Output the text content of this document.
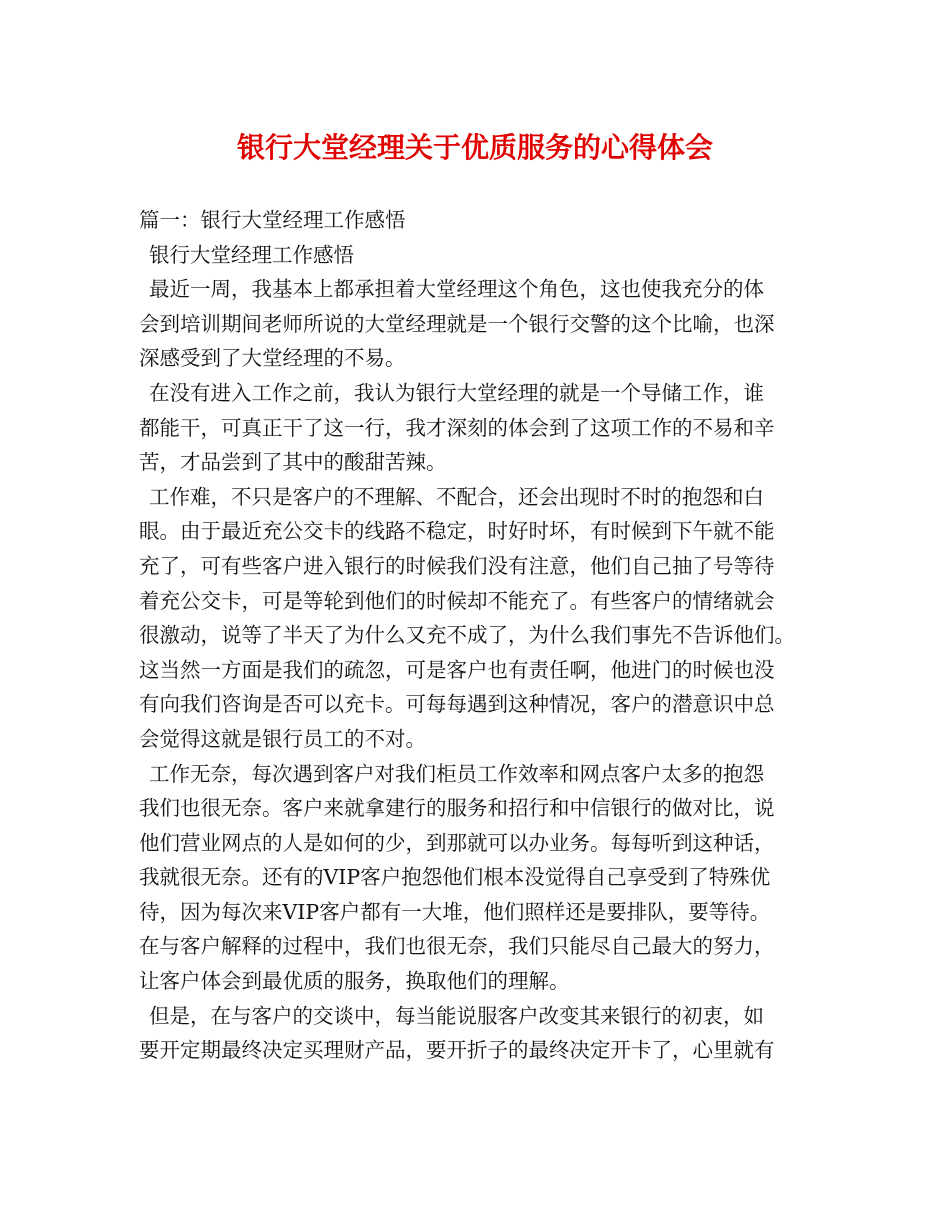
银行大堂经理关于优质服务的心得体会
篇一：银行大堂经理工作感悟
银行大堂经理工作感悟
最近一周，我基本上都承担着大堂经理这个角色，这也使我充分的体
会到培训期间老师所说的大堂经理就是一个银行交警的这个比喻，也深
深感受到了大堂经理的不易。
在没有进入工作之前，我认为银行大堂经理的就是一个导储工作，谁
都能干，可真正干了这一行，我才深刻的体会到了这项工作的不易和辛
苦，才品尝到了其中的酸甜苦辣。
工作难，不只是客户的不理解、不配合，还会出现时不时的抱怨和白
眼。由于最近充公交卡的线路不稳定，时好时坏，有时候到下午就不能
充了，可有些客户进入银行的时候我们没有注意，他们自己抽了号等待
着充公交卡，可是等轮到他们的时候却不能充了。有些客户的情绪就会
很激动，说等了半天了为什么又充不成了，为什么我们事先不告诉他们。
这当然一方面是我们的疏忽，可是客户也有责任啊，他进门的时候也没
有向我们咨询是否可以充卡。可每每遇到这种情况，客户的潜意识中总
会觉得这就是银行员工的不对。
工作无奈，每次遇到客户对我们柜员工作效率和网点客户太多的抱怨
我们也很无奈。客户来就拿建行的服务和招行和中信银行的做对比，说
他们营业网点的人是如何的少，到那就可以办业务。每每听到这种话，
我就很无奈。还有的VIP客户抱怨他们根本没觉得自己享受到了特殊优
待，因为每次来VIP客户都有一大堆，他们照样还是要排队，要等待。
在与客户解释的过程中，我们也很无奈，我们只能尽自己最大的努力，
让客户体会到最优质的服务，换取他们的理解。
但是，在与客户的交谈中，每当能说服客户改变其来银行的初衷，如
要开定期最终决定买理财产品，要开折子的最终决定开卡了，心里就有
